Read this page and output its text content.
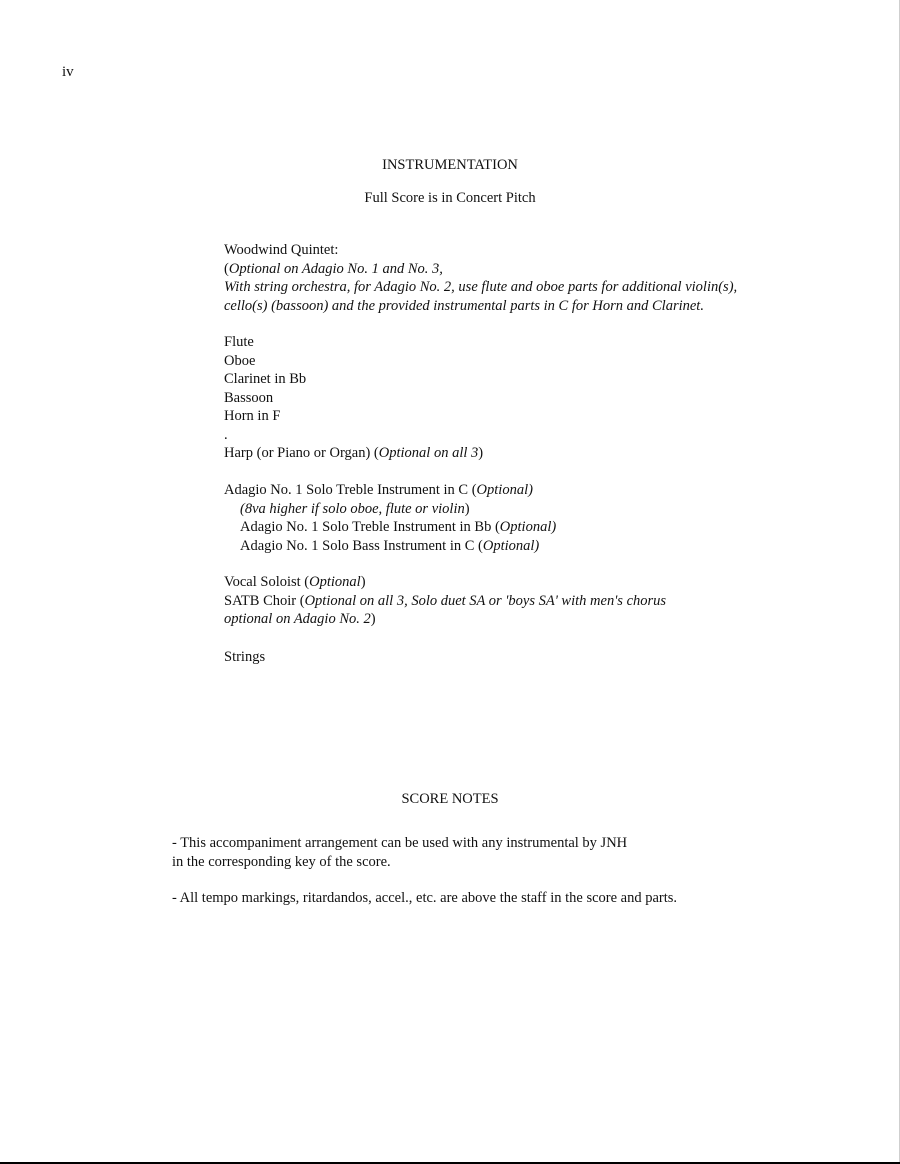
iv
INSTRUMENTATION
Full Score is in Concert Pitch
Woodwind Quintet:
(Optional on Adagio No. 1 and No. 3,
With string orchestra, for Adagio No. 2, use flute and oboe parts for additional violin(s),
cello(s) (bassoon) and the provided instrumental parts in C for Horn and Clarinet.
Flute
Oboe
Clarinet in Bb
Bassoon
Horn in F
.
Harp (or Piano or Organ) (Optional on all 3)
Adagio No. 1 Solo Treble Instrument in C (Optional)
(8va higher if solo oboe, flute or violin)
Adagio No. 1 Solo Treble Instrument in Bb (Optional)
Adagio No. 1 Solo Bass Instrument in C (Optional)
Vocal Soloist (Optional)
SATB Choir (Optional on all 3, Solo duet SA or 'boys SA' with men's chorus
optional on Adagio No. 2)
Strings
SCORE NOTES
- This accompaniment arrangement can be used with any instrumental by JNH
in the corresponding key of the score.
- All tempo markings, ritardandos, accel., etc. are above the staff in the score and parts.
